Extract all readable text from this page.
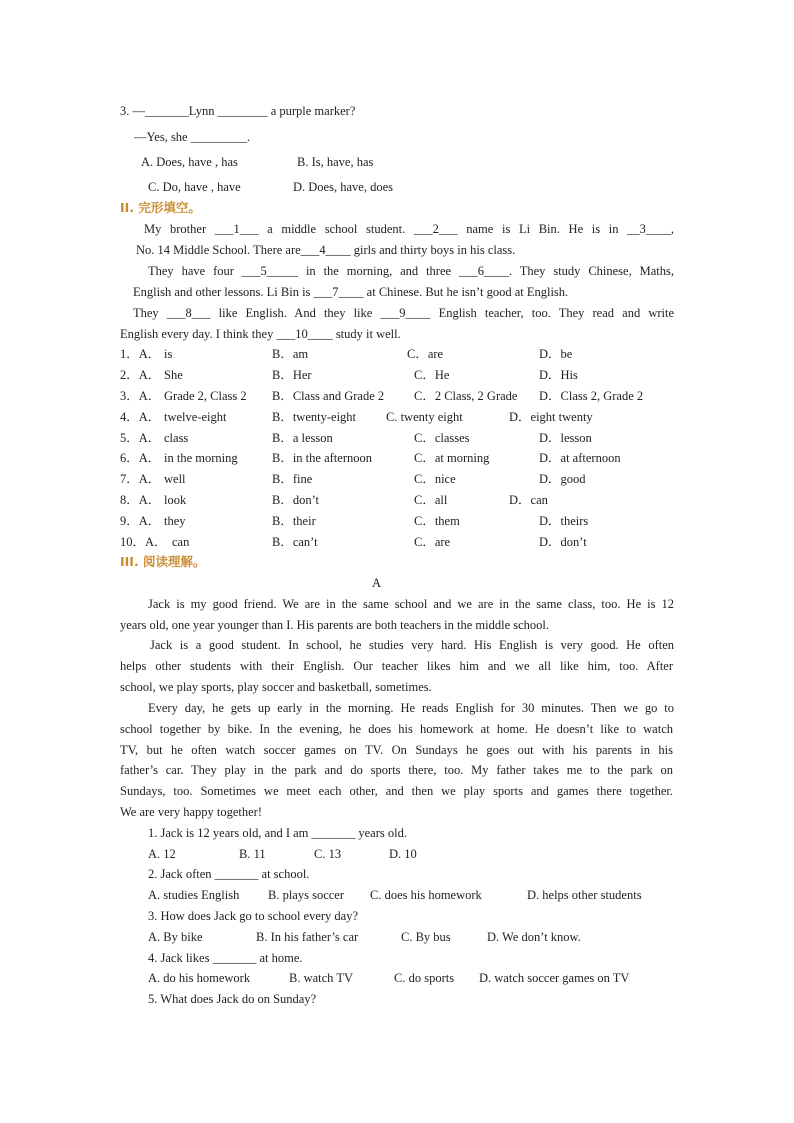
3. —_______Lynn ________ a purple marker?
—Yes, she _________.
A. Does, have , has	B. Is, have, has
C. Do, have , have	D. Does, have, does
II. 完形填空。
My brother ___1___ a middle school student. ___2___ name is Li Bin. He is in __3____,
No. 14 Middle School. There are___4____ girls and thirty boys in his class.
They have four ___5_____ in the morning, and three ___6____. They study Chinese, Maths,
English and other lessons. Li Bin is ___7____ at Chinese. But he isn’t good at English.
They ___8___ like English. And they like ___9____ English teacher, too. They read and write
English every day. I think they ___10____ study it well.
1．A． is	B．am	C．are	D．be
2．A． She	B．Her	C．He	D．His
3．A． Grade 2, Class 2 B．Class and Grade 2 C．2 Class, 2 Grade D．Class 2, Grade 2
4．A． twelve-eight	B．twenty-eight C. twenty eight	D．eight twenty
5．A． class	B．a lesson	C．classes	D．lesson
6．A． in the morning	B．in the afternoon	C．at morning	D．at afternoon
7．A． well	B．fine	C．nice	D．good
8．A． look	B．don’t	C．all	D．can
9．A． they	B．their	C．them	D．theirs
10．A． can	B．can’t	C．are	D．don’t
III. 阅读理解。
A
Jack is my good friend. We are in the same school and we are in the same class, too. He is 12
years old, one year younger than I. His parents are both teachers in the middle school.
Jack is a good student. In school, he studies very hard. His English is very good. He often
helps other students with their English. Our teacher likes him and we all like him, too. After
school, we play sports, play soccer and basketball, sometimes.
Every day, he gets up early in the morning. He reads English for 30 minutes. Then we go to
school together by bike. In the evening, he does his homework at home. He doesn’t like to watch
TV, but he often watch soccer games on TV. On Sundays he goes out with his parents in his
father’s car. They play in the park and do sports there, too. My father takes me to the park on
Sundays, too. Sometimes we meet each other, and then we play sports and games there together.
We are very happy together!
1. Jack is 12 years old, and I am _______ years old.
A. 12	B. 11	C. 13	D. 10
2. Jack often _______ at school.
A. studies English B. plays soccer C. does his homework	D. helps other students
3. How does Jack go to school every day?
A. By bike	B. In his father’s car	C. By bus	D. We don’t know.
4. Jack likes _______ at home.
A. do his homework	B. watch TV	C. do sports D. watch soccer games on TV
5. What does Jack do on Sunday?
